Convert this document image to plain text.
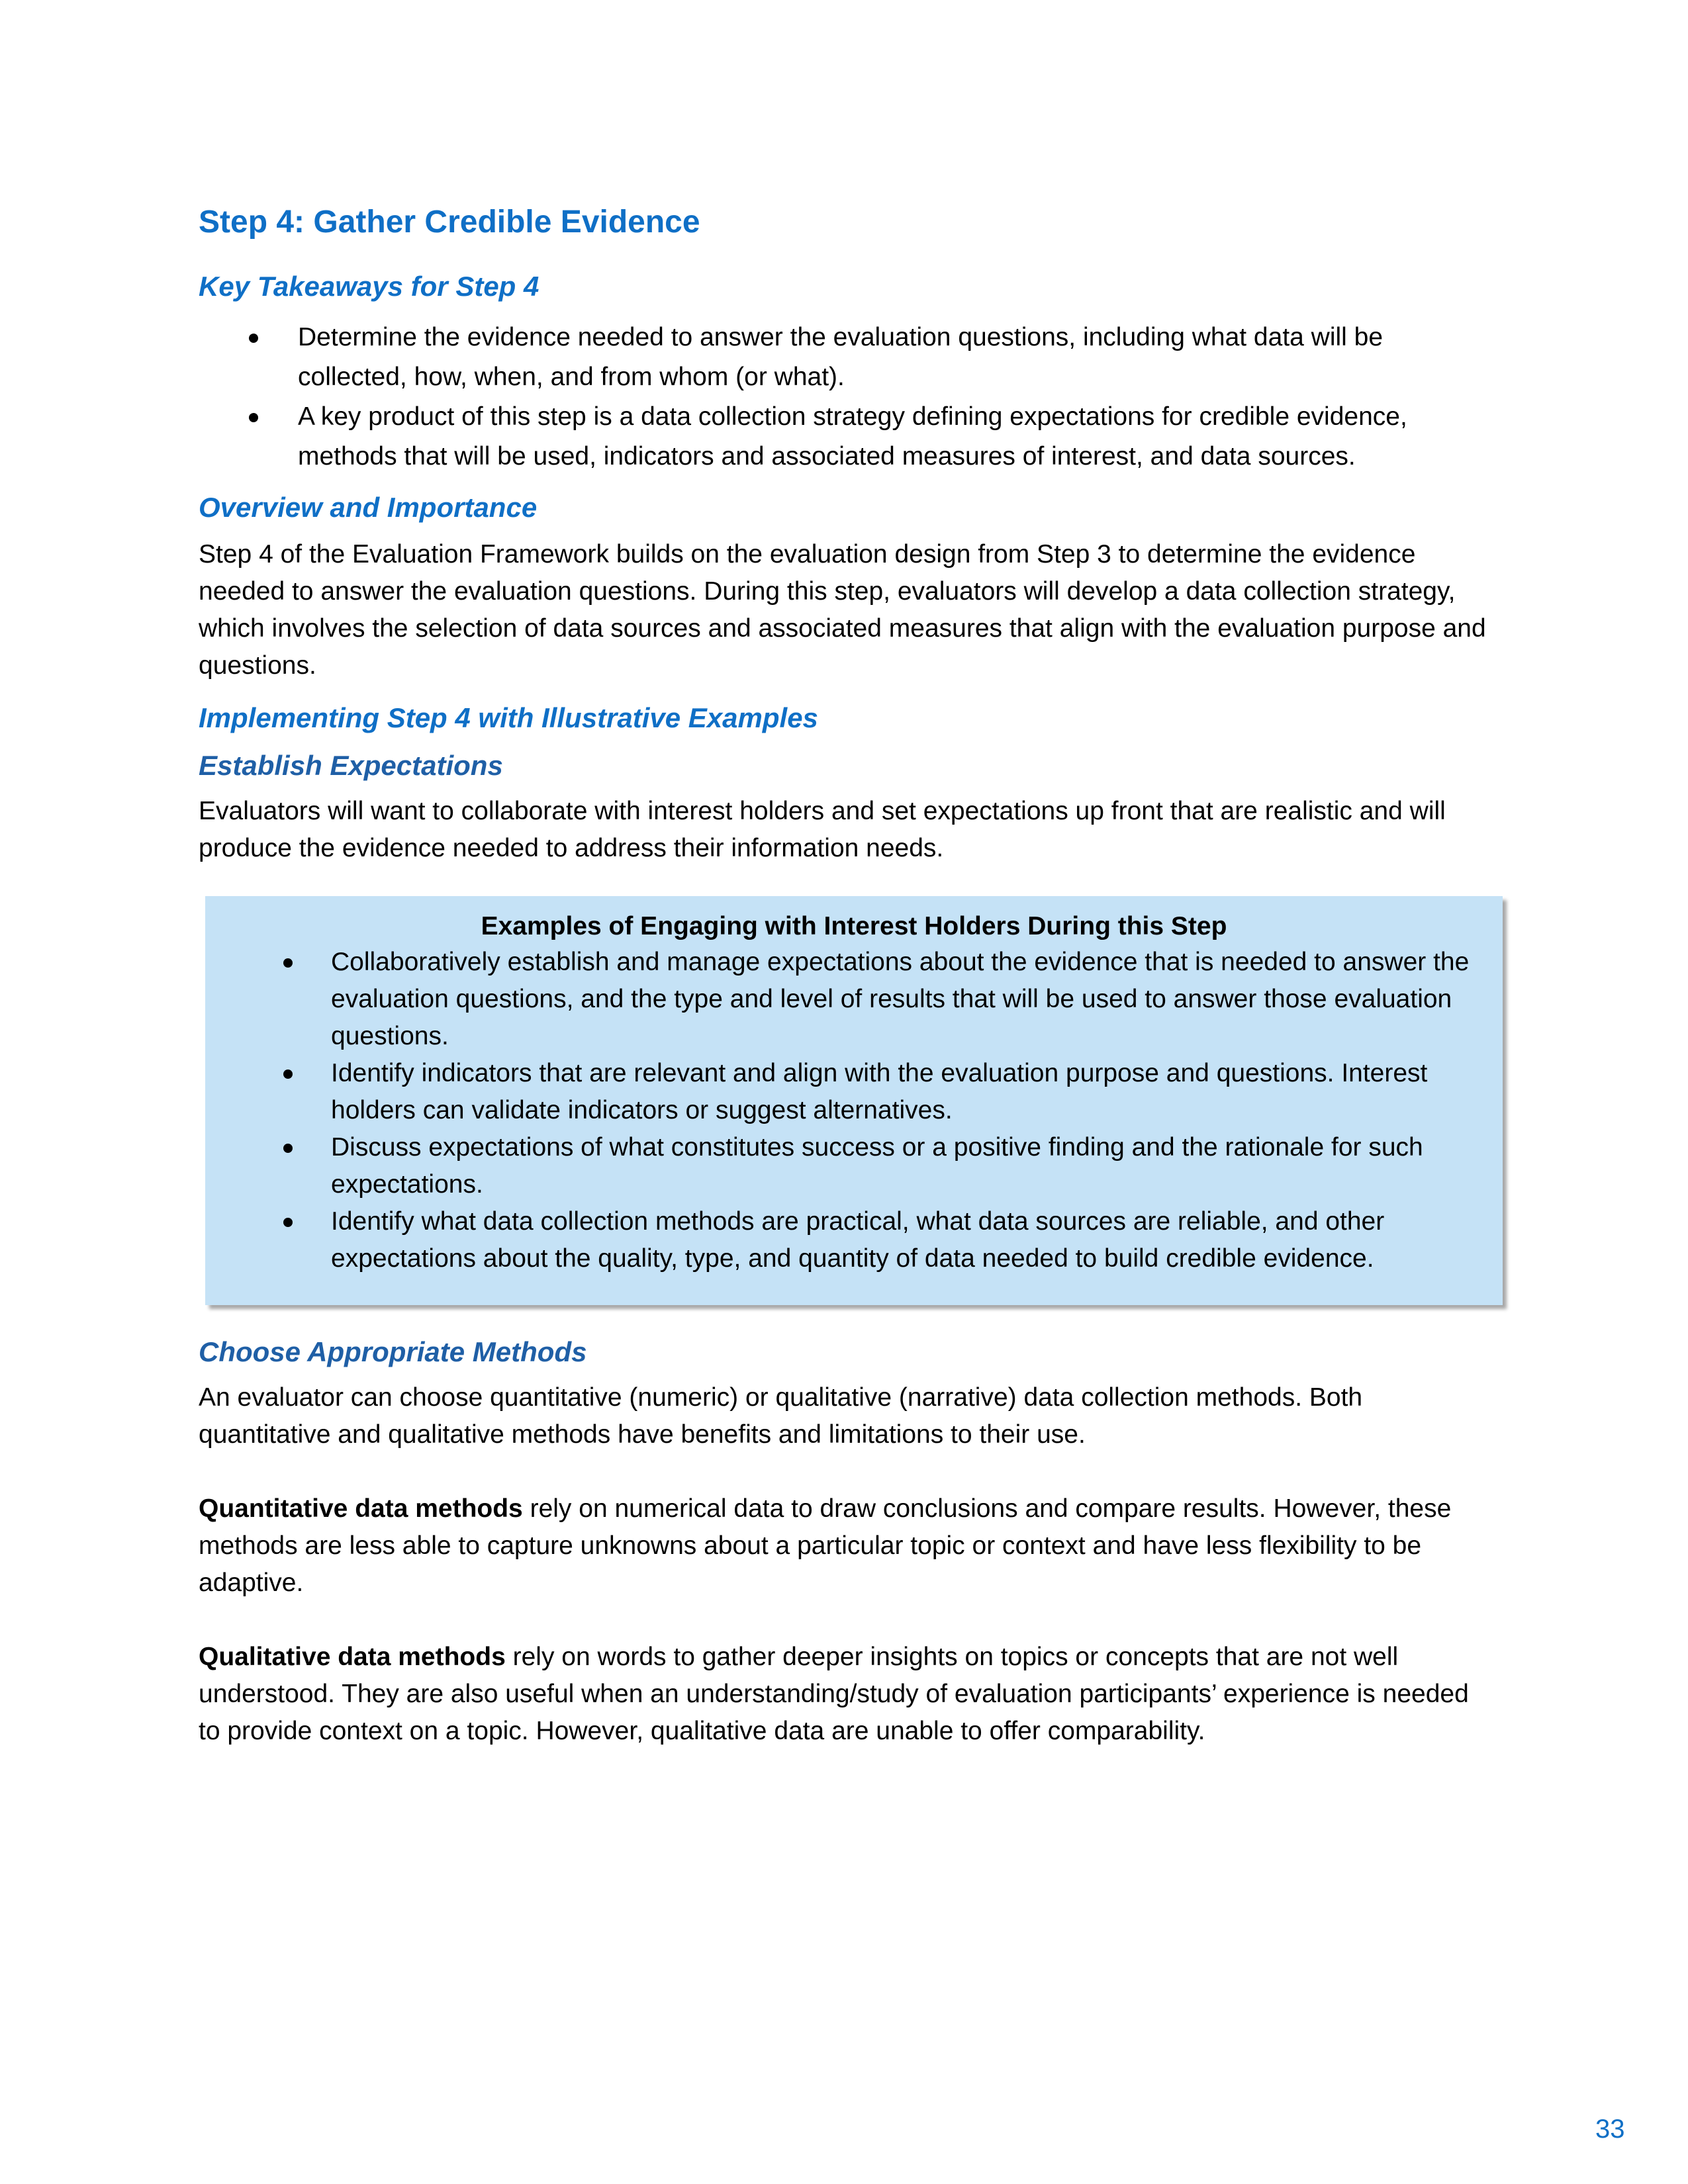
Step 4: Gather Credible Evidence
Key Takeaways for Step 4
Determine the evidence needed to answer the evaluation questions, including what data will be collected, how, when, and from whom (or what).
A key product of this step is a data collection strategy defining expectations for credible evidence, methods that will be used, indicators and associated measures of interest, and data sources.
Overview and Importance

Step 4 of the Evaluation Framework builds on the evaluation design from Step 3 to determine the evidence needed to answer the evaluation questions. During this step, evaluators will develop a data collection strategy, which involves the selection of data sources and associated measures that align with the evaluation purpose and questions.

Implementing Step 4 with Illustrative Examples
Establish Expectations

Evaluators will want to collaborate with interest holders and set expectations up front that are realistic and will produce the evidence needed to address their information needs.

Examples of Engaging with Interest Holders During this Step
Collaboratively establish and manage expectations about the evidence that is needed to answer the evaluation questions, and the type and level of results that will be used to answer those evaluation questions.
Identify indicators that are relevant and align with the evaluation purpose and questions. Interest holders can validate indicators or suggest alternatives.
Discuss expectations of what constitutes success or a positive finding and the rationale for such expectations.
Identify what data collection methods are practical, what data sources are reliable, and other expectations about the quality, type, and quantity of data needed to build credible evidence.
Choose Appropriate Methods

An evaluator can choose quantitative (numeric) or qualitative (narrative) data collection methods. Both quantitative and qualitative methods have benefits and limitations to their use.

Quantitative data methods rely on numerical data to draw conclusions and compare results. However, these methods are less able to capture unknowns about a particular topic or context and have less flexibility to be adaptive.

Qualitative data methods rely on words to gather deeper insights on topics or concepts that are not well understood. They are also useful when an understanding/study of evaluation participants’ experience is needed to provide context on a topic. However, qualitative data are unable to offer comparability.

33
